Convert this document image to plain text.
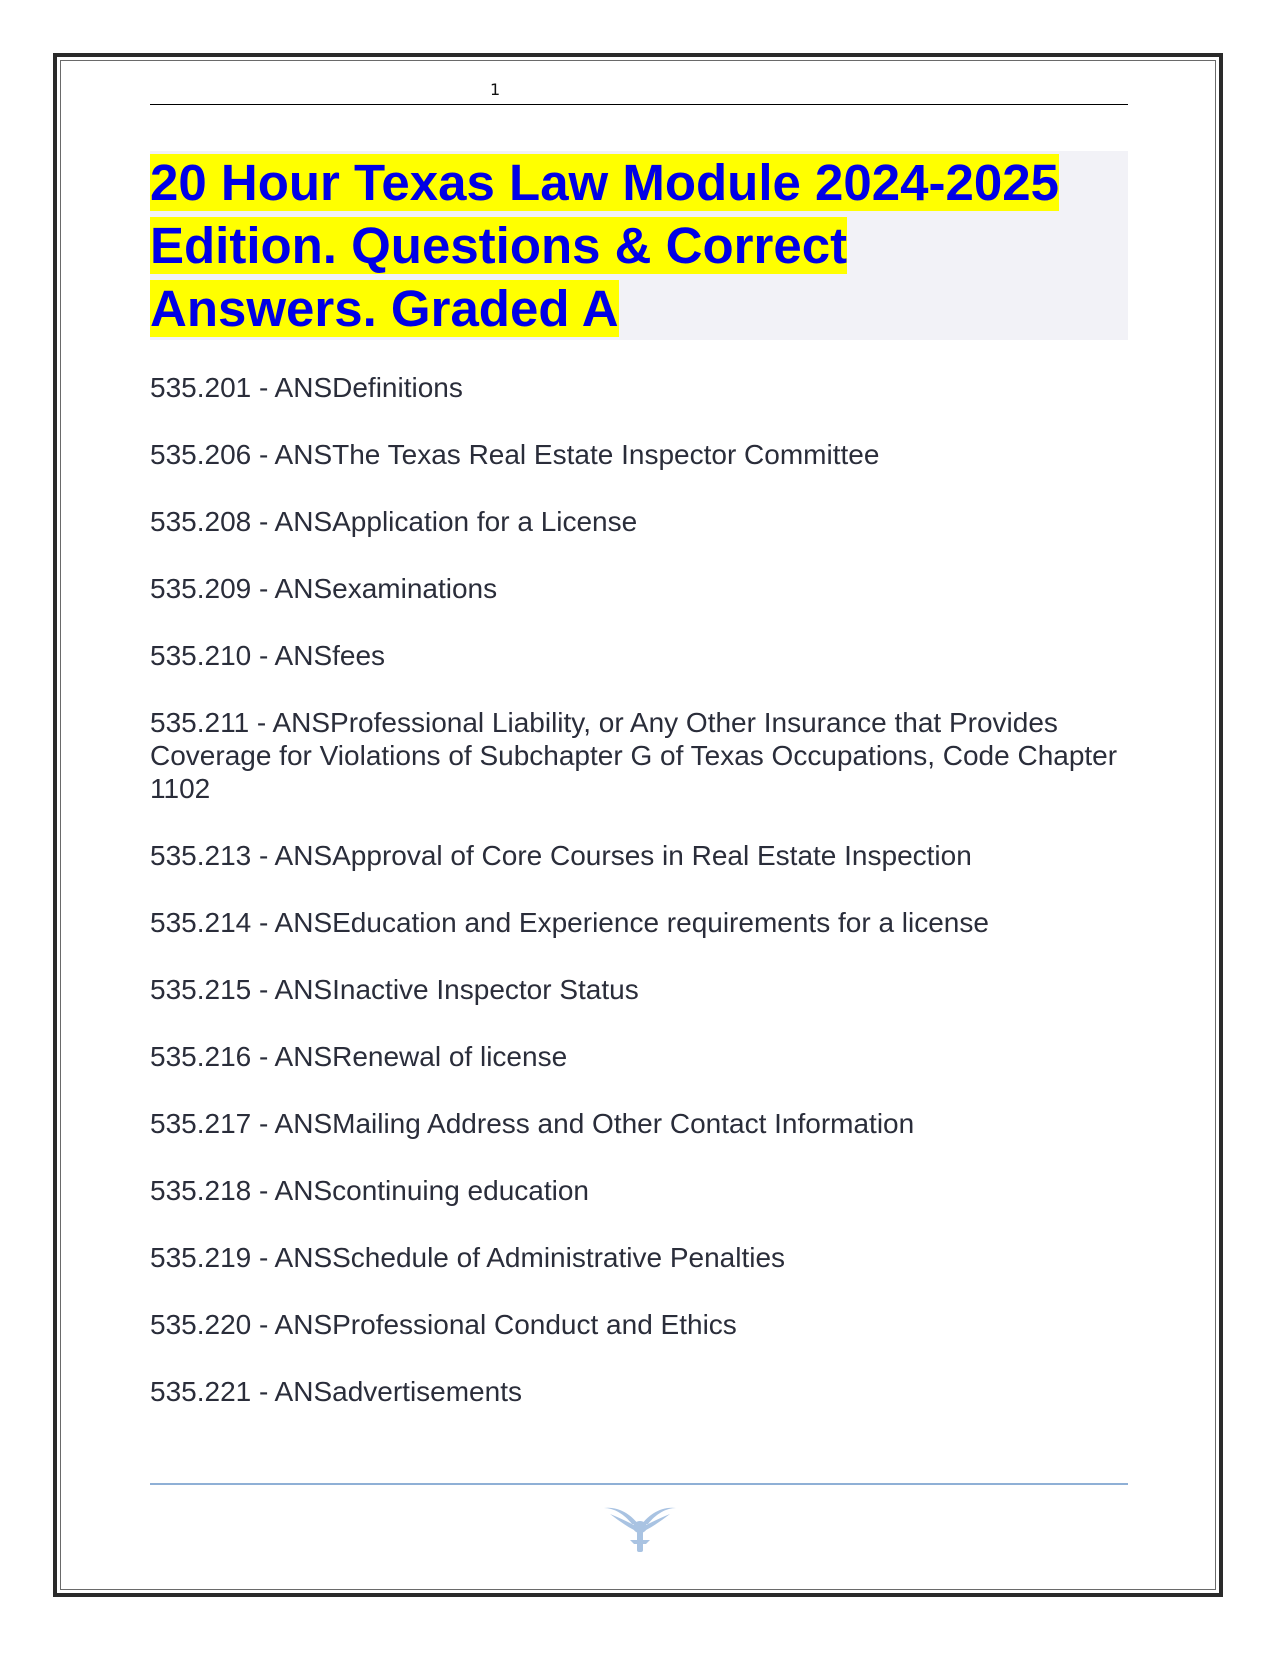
1
20 Hour Texas Law Module 2024-2025
Edition. Questions & Correct
Answers. Graded A
535.201 - ANSDefinitions
535.206 - ANSThe Texas Real Estate Inspector Committee
535.208 - ANSApplication for a License
535.209 - ANSexaminations
535.210 - ANSfees
535.211 - ANSProfessional Liability, or Any Other Insurance that Provides Coverage for Violations of Subchapter G of Texas Occupations, Code Chapter 1102
535.213 - ANSApproval of Core Courses in Real Estate Inspection
535.214 - ANSEducation and Experience requirements for a license
535.215 - ANSInactive Inspector Status
535.216 - ANSRenewal of license
535.217 - ANSMailing Address and Other Contact Information
535.218 - ANScontinuing education
535.219 - ANSSchedule of Administrative Penalties
535.220 - ANSProfessional Conduct and Ethics
535.221 - ANSadvertisements
